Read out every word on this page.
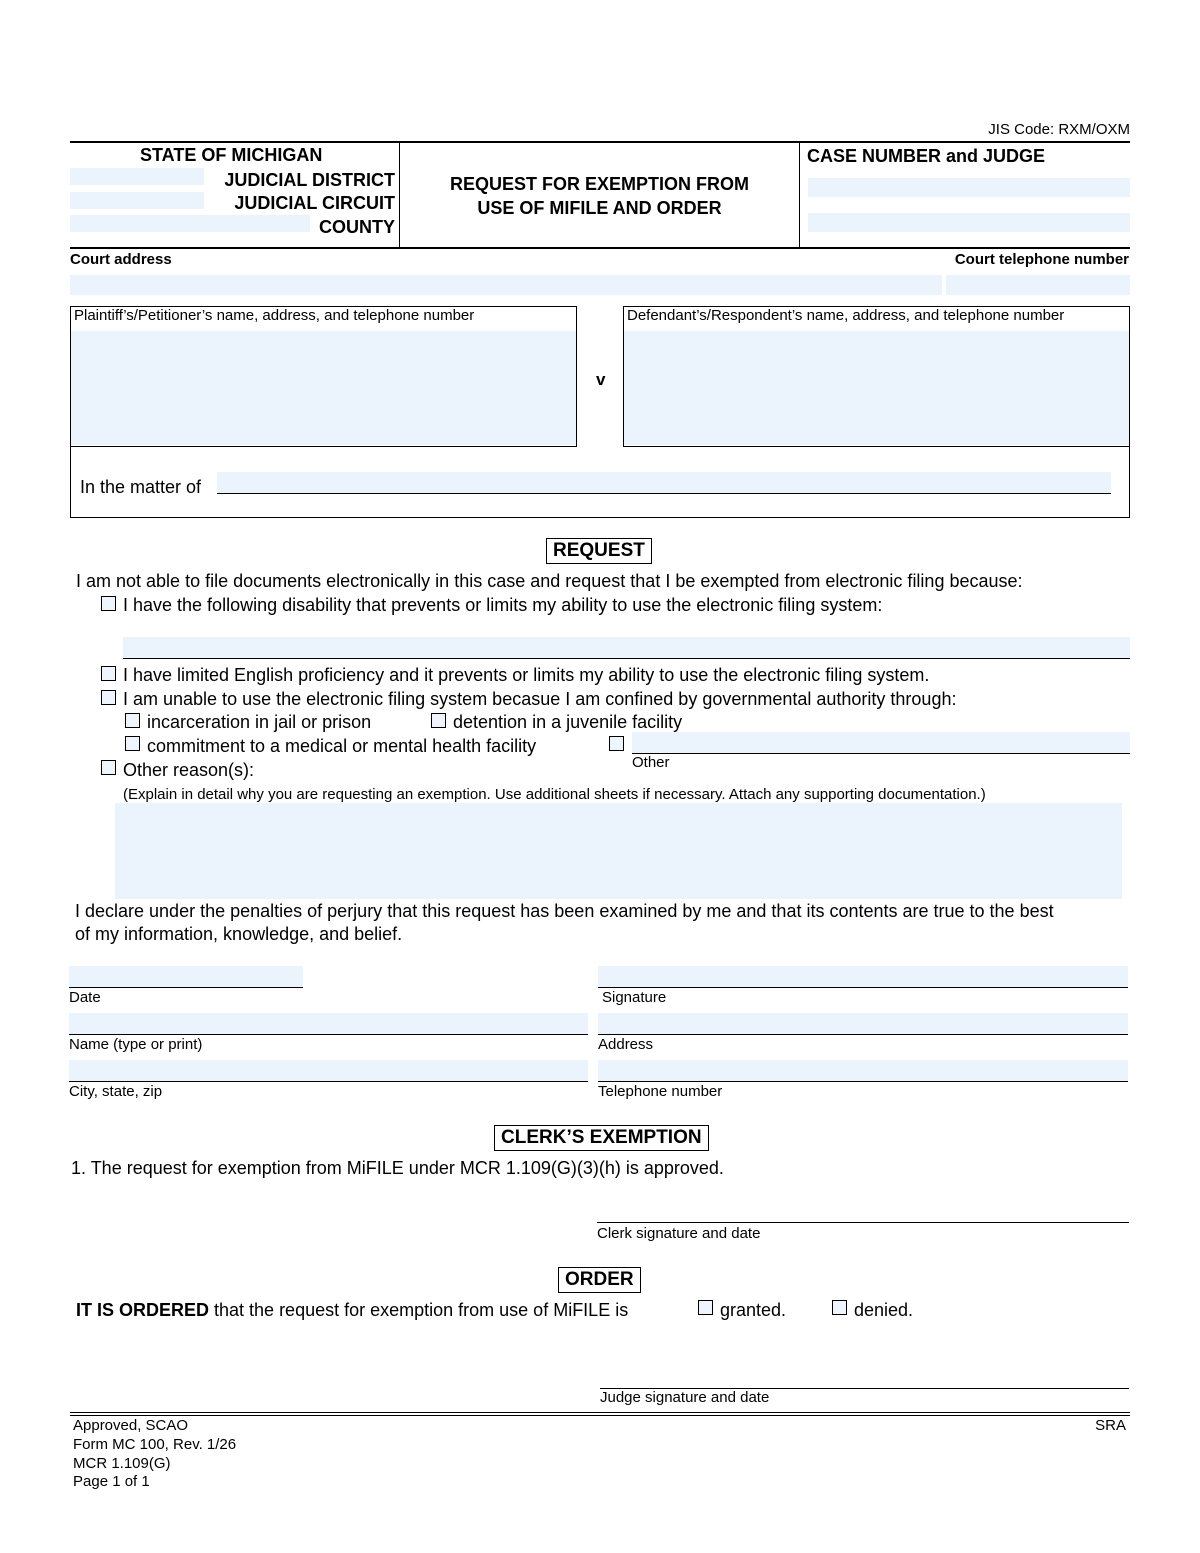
JIS Code: RXM/OXM
STATE OF MICHIGAN
JUDICIAL DISTRICT
JUDICIAL CIRCUIT
COUNTY
REQUEST FOR EXEMPTION FROM
USE OF MIFILE AND ORDER
CASE NUMBER and JUDGE
Court address	Court telephone number
Plaintiff’s/Petitioner’s name, address, and telephone number
v
Defendant’s/Respondent’s name, address, and telephone number
In the matter of
REQUEST
I am not able to file documents electronically in this case and request that I be exempted from electronic filing because:
I have the following disability that prevents or limits my ability to use the electronic filing system:
I have limited English proficiency and it prevents or limits my ability to use the electronic filing system.
I am unable to use the electronic filing system becasue I am confined by governmental authority through:
incarceration in jail or prison	detention in a juvenile facility
commitment to a medical or mental health facility
Other
Other reason(s):
(Explain in detail why you are requesting an exemption. Use additional sheets if necessary. Attach any supporting documentation.)
I declare under the penalties of perjury that this request has been examined by me and that its contents are true to the best
of my information, knowledge, and belief.
Date	Signature
Name (type or print)	Address
City, state, zip	Telephone number
CLERK’S EXEMPTION
1. The request for exemption from MiFILE under MCR 1.109(G)(3)(h) is approved.
Clerk signature and date
ORDER
IT IS ORDERED that the request for exemption from use of MiFILE is	granted.	denied.
Judge signature and date
Approved, SCAO
Form MC 100, Rev. 1/26
MCR 1.109(G)
Page 1 of 1
SRA
